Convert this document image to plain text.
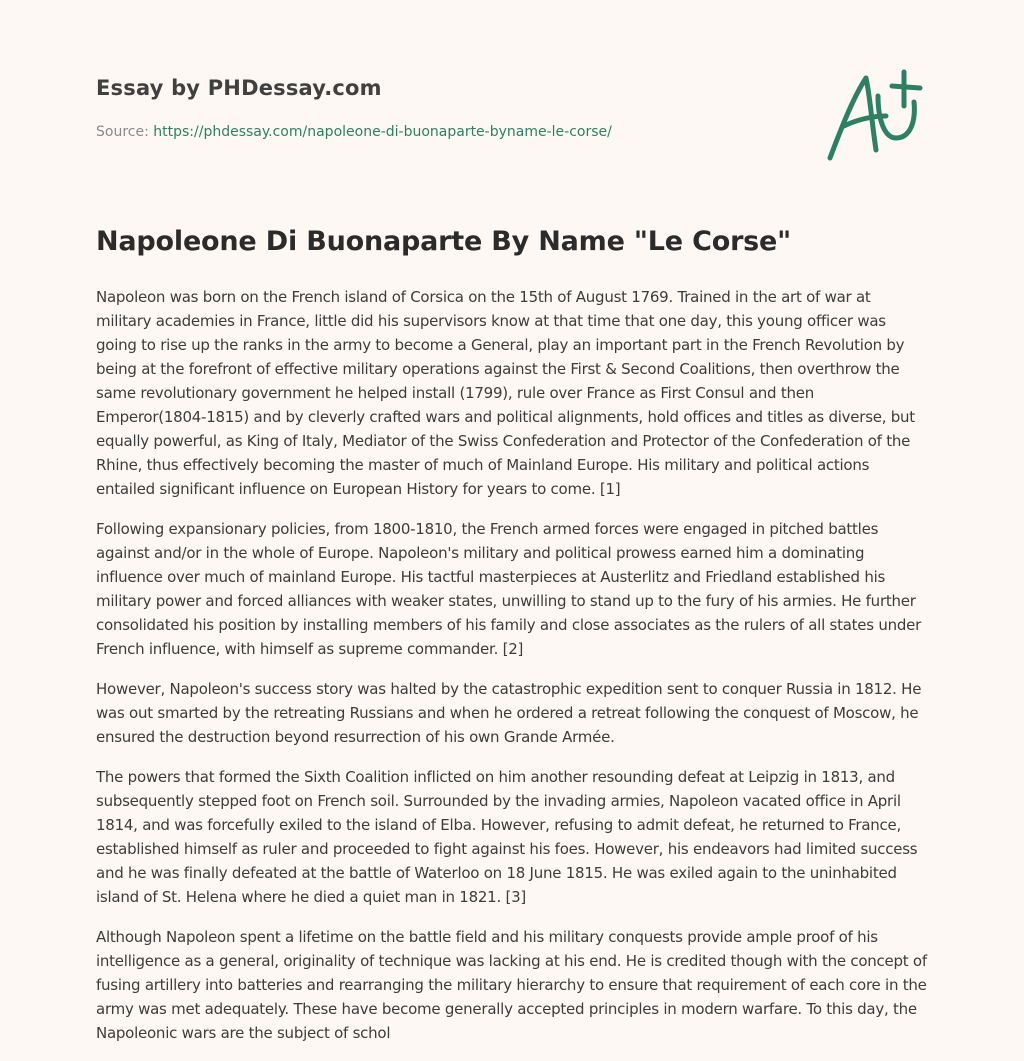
Essay by PHDessay.com
Source: https://phdessay.com/napoleone-di-buonaparte-byname-le-corse/
Napoleone Di Buonaparte By Name "Le Corse"

Napoleon was born on the French island of Corsica on the 15th of August 1769. Trained in the art of war at military academies in France, little did his supervisors know at that time that one day, this young officer was going to rise up the ranks in the army to become a General, play an important part in the French Revolution by being at the forefront of effective military operations against the First & Second Coalitions, then overthrow the same revolutionary government he helped install (1799), rule over France as First Consul and then Emperor(1804-1815) and by cleverly crafted wars and political alignments, hold offices and titles as diverse, but equally powerful, as King of Italy, Mediator of the Swiss Confederation and Protector of the Confederation of the Rhine, thus effectively becoming the master of much of Mainland Europe. His military and political actions entailed significant influence on European History for years to come. [1]

Following expansionary policies, from 1800-1810, the French armed forces were engaged in pitched battles against and/or in the whole of Europe. Napoleon's military and political prowess earned him a dominating influence over much of mainland Europe. His tactful masterpieces at Austerlitz and Friedland established his military power and forced alliances with weaker states, unwilling to stand up to the fury of his armies. He further consolidated his position by installing members of his family and close associates as the rulers of all states under French influence, with himself as supreme commander. [2]

However, Napoleon's success story was halted by the catastrophic expedition sent to conquer Russia in 1812. He was out smarted by the retreating Russians and when he ordered a retreat following the conquest of Moscow, he ensured the destruction beyond resurrection of his own Grande Armée.

The powers that formed the Sixth Coalition inflicted on him another resounding defeat at Leipzig in 1813, and subsequently stepped foot on French soil. Surrounded by the invading armies, Napoleon vacated office in April 1814, and was forcefully exiled to the island of Elba. However, refusing to admit defeat, he returned to France, established himself as ruler and proceeded to fight against his foes. However, his endeavors had limited success and he was finally defeated at the battle of Waterloo on 18 June 1815. He was exiled again to the uninhabited island of St. Helena where he died a quiet man in 1821. [3]

Although Napoleon spent a lifetime on the battle field and his military conquests provide ample proof of his intelligence as a general, originality of technique was lacking at his end. He is credited though with the concept of fusing artillery into batteries and rearranging the military hierarchy to ensure that requirement of each core in the army was met adequately. These have become generally accepted principles in modern warfare. To this day, the Napoleonic wars are the subject of schol
